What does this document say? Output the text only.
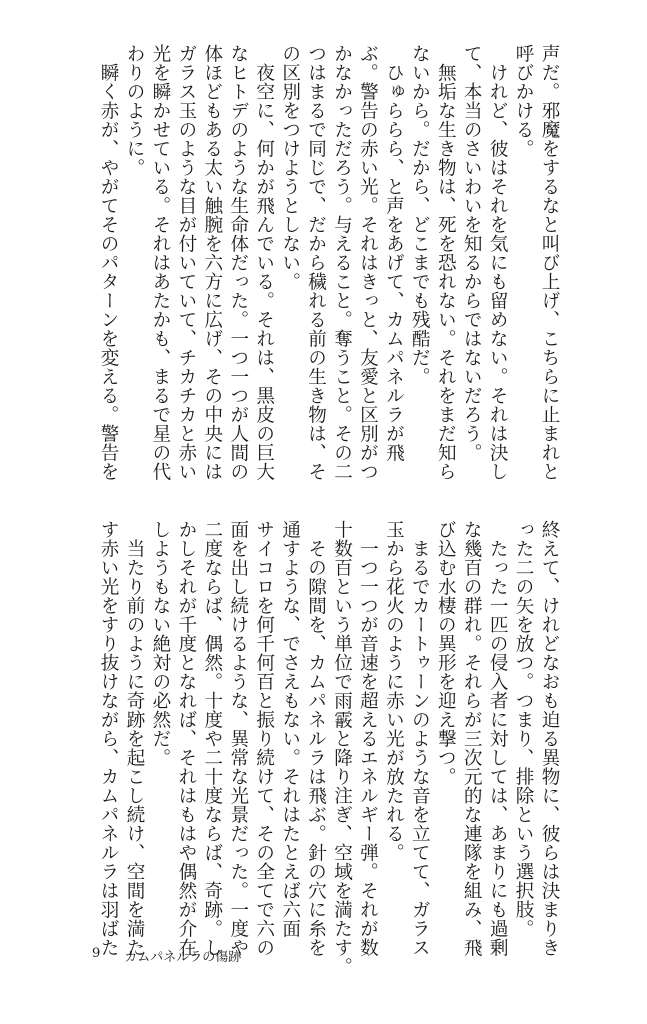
声だ。邪魔をするなと叫び上げ、こちらに止まれと
呼びかける。
　けれど、彼はそれを気にも留めない。それは決し
て、本当のさいわいを知るからではないだろう。
　無垢な生き物は、死を恐れない。それをまだ知ら
ないから。だから、どこまでも残酷だ。
　ひゅららら、と声をあげて、カムパネルラが飛
ぶ。警告の赤い光。それはきっと、友愛と区別がつ
かなかっただろう。与えること。奪うこと。その二
つはまるで同じで、だから穢れる前の生き物は、そ
の区別をつけようとしない。
　夜空に、何かが飛んでいる。それは、黒皮の巨大
なヒトデのような生命体だった。一つ一つが人間の
体ほどもある太い触腕を六方に広げ、その中央には
ガラス玉のような目が付いていて、チカチカと赤い
光を瞬かせている。それはあたかも、まるで星の代
わりのように。
　瞬く赤が、やがてそのパターンを変える。警告を
終えて、けれどなおも迫る異物に、彼らは決まりき
った二の矢を放つ。つまり、排除という選択肢。
　たった一匹の侵入者に対しては、あまりにも過剰
な幾百の群れ。それらが三次元的な連隊を組み、飛
び込む水棲の異形を迎え撃つ。
　まるでカートゥーンのような音を立てて、ガラス
玉から花火のように赤い光が放たれる。
　一つ一つが音速を超えるエネルギー弾。それが数
十数百という単位で雨霰と降り注ぎ、空域を満たす。
　その隙間を、カムパネルラは飛ぶ。針の穴に糸を
通すような、でさえもない。それはたとえば六面
サイコロを何千何百と振り続けて、その全てで六の
面を出し続けるような、異常な光景だった。一度や
二度ならば、偶然。十度や二十度ならば、奇跡。し
かしそれが千度となれば、それはもはや偶然が介在
しようもない絶対の必然だ。
　当たり前のように奇跡を起こし続け、空間を満た
す赤い光をすり抜けながら、カムパネルラは羽ばた
9 カムパネルラの傷跡
